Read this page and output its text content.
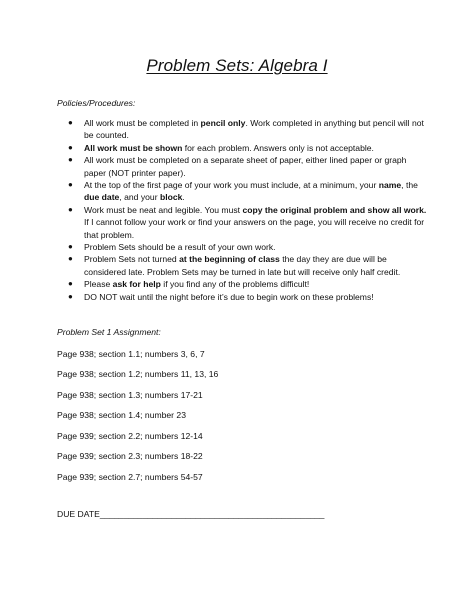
Problem Sets: Algebra I
Policies/Procedures:
● All work must be completed in pencil only. Work completed in anything but pencil will not be counted.
● All work must be shown for each problem. Answers only is not acceptable.
● All work must be completed on a separate sheet of paper, either lined paper or graph paper (NOT printer paper).
● At the top of the first page of your work you must include, at a minimum, your name, the due date, and your block.
● Work must be neat and legible. You must copy the original problem and show all work. If I cannot follow your work or find your answers on the page, you will receive no credit for that problem.
● Problem Sets should be a result of your own work.
● Problem Sets not turned at the beginning of class the day they are due will be considered late. Problem Sets may be turned in late but will receive only half credit.
● Please ask for help if you find any of the problems difficult!
● DO NOT wait until the night before it’s due to begin work on these problems!
Problem Set 1 Assignment:
Page 938; section 1.1; numbers 3, 6, 7
Page 938; section 1.2; numbers 11, 13, 16
Page 938; section 1.3; numbers 17-21
Page 938; section 1.4; number 23
Page 939; section 2.2; numbers 12-14
Page 939; section 2.3; numbers 18-22
Page 939; section 2.7; numbers 54-57
DUE DATE_______________________________________________
